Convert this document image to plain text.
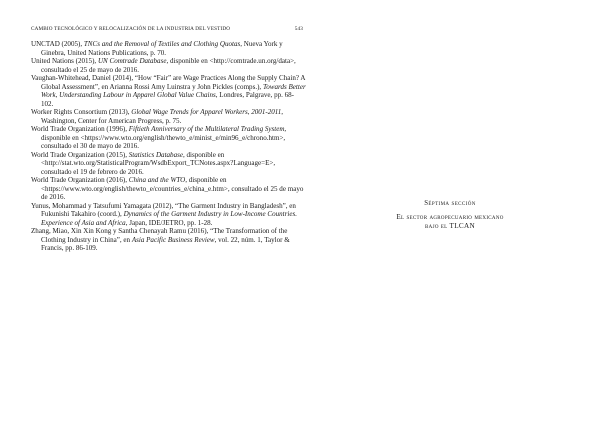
CAMBIO TECNOLÓGICO Y RELOCALIZACIÓN DE LA INDUSTRIA DEL VESTIDO	543

UNCTAD (2005), TNCs and the Removal of Textiles and Clothing Quotas, Nueva York y Ginebra, United Nations Publications, p. 70.

United Nations (2015), UN Comtrade Database, disponible en <http://comtrade.un.org/data>, consultado el 25 de mayo de 2016.

Vaughan-Whitehead, Daniel (2014), “How “Fair” are Wage Practices Along the Supply Chain? A Global Assessment”, en Arianna Rossi Amy Luinstra y John Pickles (comps.), Towards Better Work, Understanding Labour in Apparel Global Value Chains, Londres, Palgrave, pp. 68-102.

Worker Rights Consortium (2013), Global Wage Trends for Apparel Workers, 2001-2011, Washington, Center for American Progress, p. 75.

World Trade Organization (1996), Fiftieth Anniversary of the Multilateral Trading System, disponible en <https://www.wto.org/english/thewto_e/minist_e/min96_e/chrono.htm>, consultado el 30 de mayo de 2016.

World Trade Organization (2015), Statistics Database, disponible en <http://stat.wto.org/StatisticalProgram/WsdbExport_TCNotes.aspx?Language=E>, consultado el 19 de febrero de 2016.

World Trade Organization (2016), China and the WTO, disponible en <https://www.wto.org/english/thewto_e/countries_e/china_e.htm>, consultado el 25 de mayo de 2016.

Yunus, Mohammad y Tatsufumi Yamagata (2012), “The Garment Industry in Bangladesh”, en Fukunishi Takahiro (coord.), Dynamics of the Garment Industry in Low-Income Countries. Experience of Asia and Africa, Japan, IDE/JETRO, pp. 1-28.

Zhang, Miao, Xin Xin Kong y Santha Chenayah Ramu (2016), “The Transformation of the Clothing Industry in China”, en Asia Pacific Business Review, vol. 22, núm. 1, Taylor & Francis, pp. 86-109.

Séptima sección
El sector agropecuario mexicano
bajo el TLCAN
